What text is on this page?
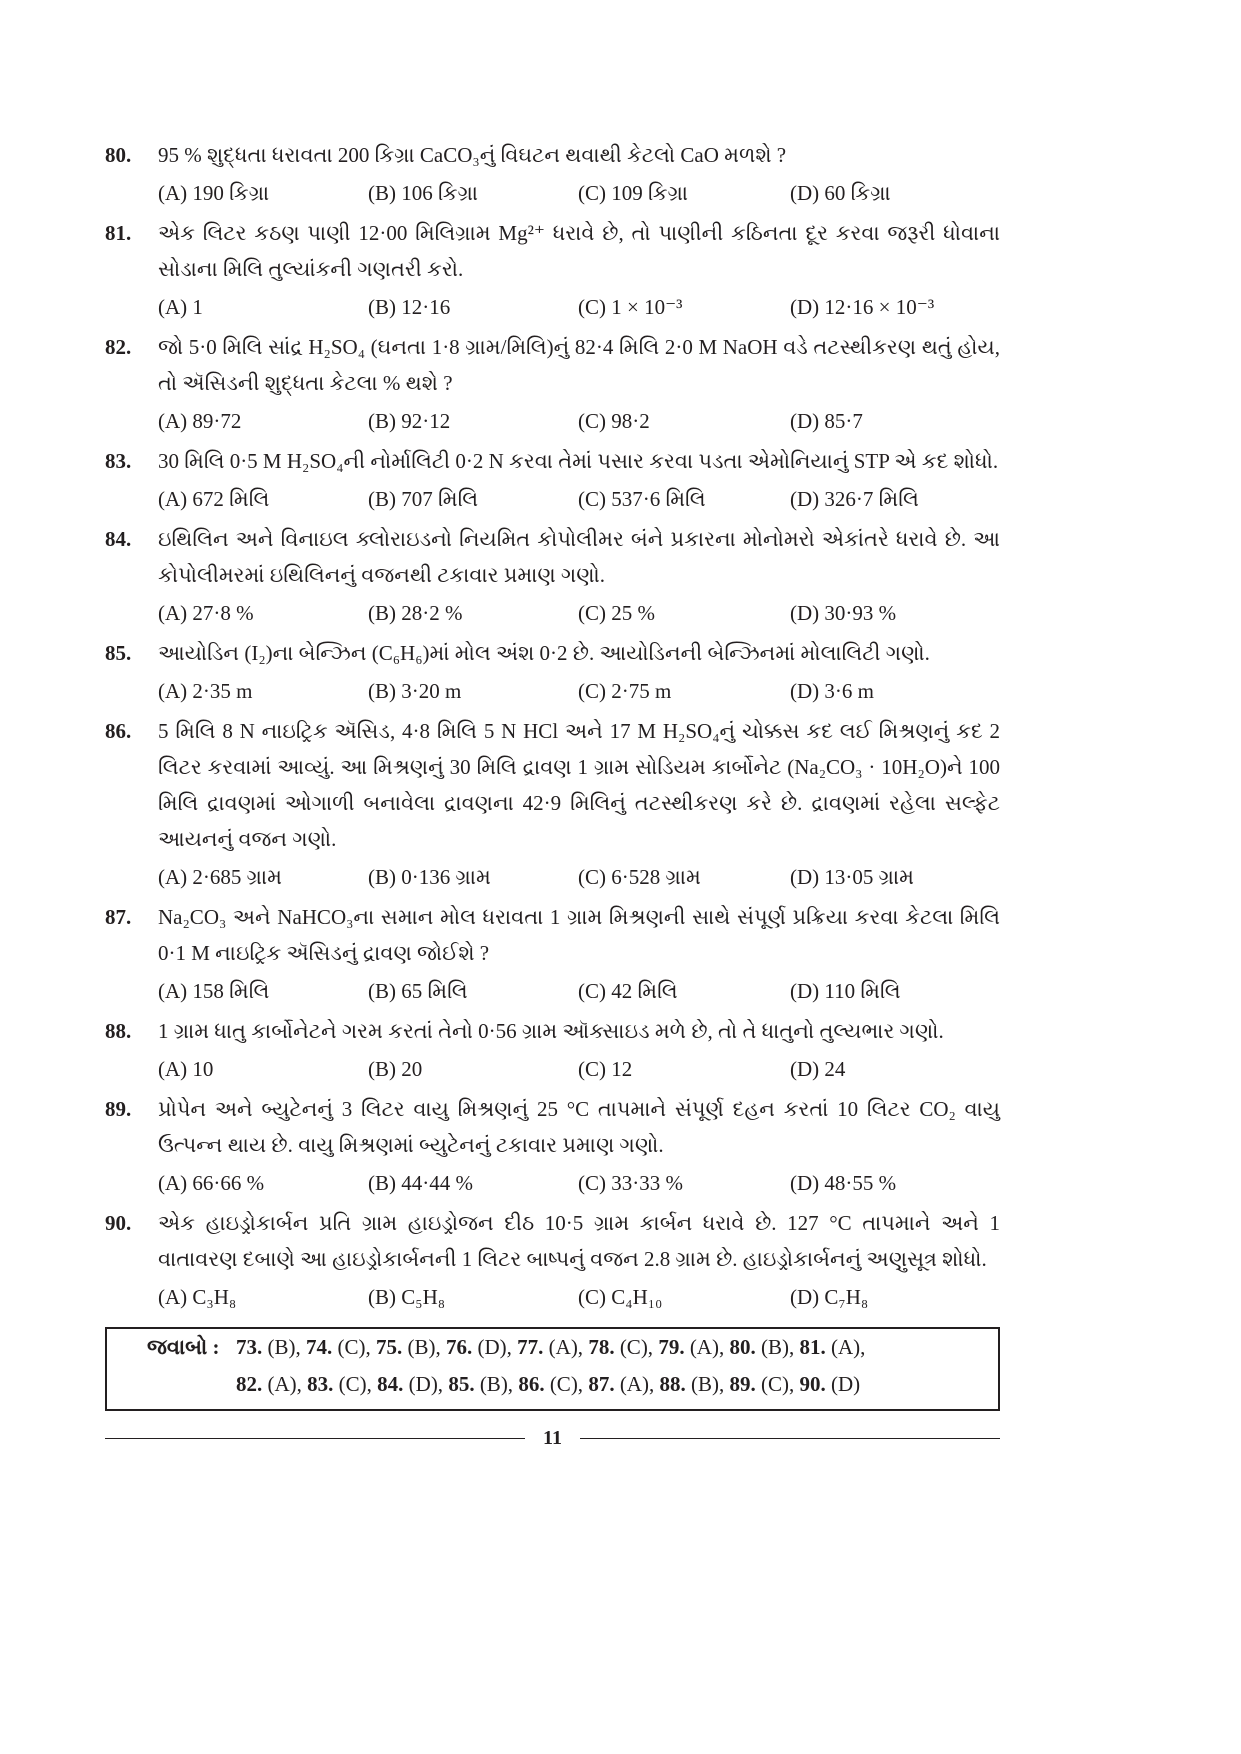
80.	95 % શુદ્ધતા ધરાવતા 200 કિગ્રા CaCO₃નું વિઘટન થવાથી કેટલો CaO મળશે ?
(A) 190 કિગ્રા	(B) 106 કિગ્રા	(C) 109 કિગ્રા	(D) 60 કિગ્રા
81.	એક લિટર કઠણ પાણી 12·00 મિલિગ્રામ Mg²⁺ ધરાવે છે, તો પાણીની કઠિનતા દૂર કરવા જરૂરી ધોવાના સોડાના મિલિ તુલ્યાંકની ગણતરી કરો.
(A) 1	(B) 12·16	(C) 1 × 10⁻³	(D) 12·16 × 10⁻³
82.	જો 5·0 મિલિ સાંદ્ર H₂SO₄ (ઘનતા 1·8 ગ્રામ/મિલિ)નું 82·4 મિલિ 2·0 M NaOH વડે તટસ્થીકરણ થતું હોય, તો ઍસિડની શુદ્ધતા કેટલા % થશે ?
(A) 89·72	(B) 92·12	(C) 98·2	(D) 85·7
83.	30 મિલિ 0·5 M H₂SO₄ની નોર્માલિટી 0·2 N કરવા તેમાં પસાર કરવા પડતા એમોનિયાનું STP એ કદ શોધો.
(A) 672 મિલિ	(B) 707 મિલિ	(C) 537·6 મિલિ	(D) 326·7 મિલિ
84.	ઇથિલિન અને વિનાઇલ ક્લોરાઇડનો નિયમિત કોપોલીમર બંને પ્રકારના મોનોમરો એકાંતરે ધરાવે છે. આ કોપોલીમરમાં ઇથિલિનનું વજનથી ટકાવાર પ્રમાણ ગણો.
(A) 27·8 %	(B) 28·2 %	(C) 25 %	(D) 30·93 %
85.	આયોડિન (I₂)ના બેન્ઝિન (C₆H₆)માં મોલ અંશ 0·2 છે. આયોડિનની બેન્ઝિનમાં મોલાલિટી ગણો.
(A) 2·35 m	(B) 3·20 m	(C) 2·75 m	(D) 3·6 m
86.	5 મિલિ 8 N નાઇટ્રિક ઍસિડ, 4·8 મિલિ 5 N HCl અને 17 M H₂SO₄નું ચોક્કસ કદ લઈ મિશ્રણનું કદ 2 લિટર કરવામાં આવ્યું. આ મિશ્રણનું 30 મિલિ દ્રાવણ 1 ગ્રામ સોડિયમ કાર્બોનેટ (Na₂CO₃ · 10H₂O)ને 100 મિલિ દ્રાવણમાં ઓગાળી બનાવેલા દ્રાવણના 42·9 મિલિનું તટસ્થીકરણ કરે છે. દ્રાવણમાં રહેલા સલ્ફેટ આયનનું વજન ગણો.
(A) 2·685 ગ્રામ	(B) 0·136 ગ્રામ	(C) 6·528 ગ્રામ	(D) 13·05 ગ્રામ
87.	Na₂CO₃ અને NaHCO₃ના સમાન મોલ ધરાવતા 1 ગ્રામ મિશ્રણની સાથે સંપૂર્ણ પ્રક્રિયા કરવા કેટલા મિલિ 0·1 M નાઇટ્રિક ઍસિડનું દ્રાવણ જોઈશે ?
(A) 158 મિલિ	(B) 65 મિલિ	(C) 42 મિલિ	(D) 110 મિલિ
88.	1 ગ્રામ ધાતુ કાર્બોનેટને ગરમ કરતાં તેનો 0·56 ગ્રામ ઑક્સાઇડ મળે છે, તો તે ધાતુનો તુલ્યભાર ગણો.
(A) 10	(B) 20	(C) 12	(D) 24
89.	પ્રોપેન અને બ્યુટેનનું 3 લિટર વાયુ મિશ્રણનું 25 °C તાપમાને સંપૂર્ણ દહન કરતાં 10 લિટર CO₂ વાયુ ઉત્પન્ન થાય છે. વાયુ મિશ્રણમાં બ્યુટેનનું ટકાવાર પ્રમાણ ગણો.
(A) 66·66 %	(B) 44·44 %	(C) 33·33 %	(D) 48·55 %
90.	એક હાઇડ્રોકાર્બન પ્રતિ ગ્રામ હાઇડ્રોજન દીઠ 10·5 ગ્રામ કાર્બન ધરાવે છે. 127 °C તાપમાને અને 1 વાતાવરણ દબાણે આ હાઇડ્રોકાર્બનની 1 લિટર બાષ્પનું વજન 2.8 ગ્રામ છે. હાઇડ્રોકાર્બનનું અણુસૂત્ર શોધો.
(A) C₃H₈	(B) C₅H₈	(C) C₄H₁₀	(D) C₇H₈
જવાબો : 73. (B), 74. (C), 75. (B), 76. (D), 77. (A), 78. (C), 79. (A), 80. (B), 81. (A),
82. (A), 83. (C), 84. (D), 85. (B), 86. (C), 87. (A), 88. (B), 89. (C), 90. (D)
11
